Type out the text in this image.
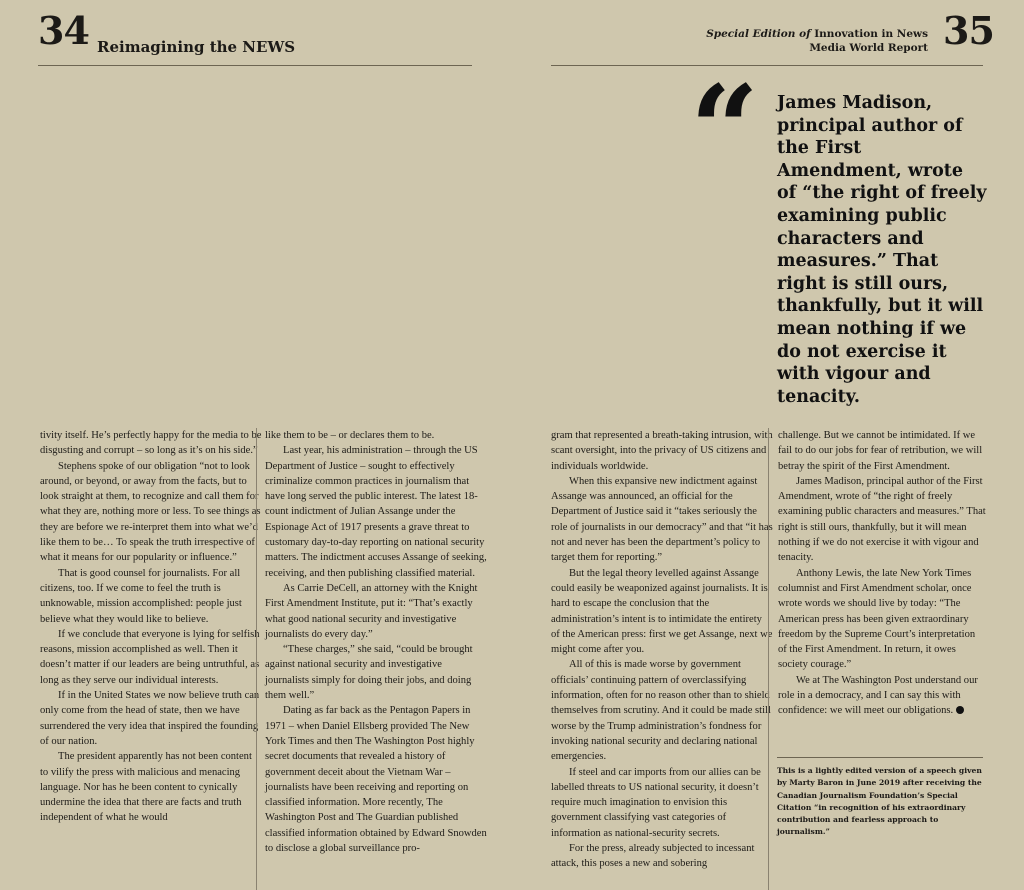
34 Reimagining the NEWS
Special Edition of Innovation in News
Media World Report 35
“ James Madison, principal author of the First Amendment, wrote of “the right of freely examining public characters and measures.” That right is still ours, thankfully, but it will mean nothing if we do not exercise it with vigour and tenacity.

tivity itself. He’s perfectly happy for the media to be disgusting and corrupt – so long as it’s on his side.”

Stephens spoke of our obligation “not to look around, or beyond, or away from the facts, but to look straight at them, to recognize and call them for what they are, nothing more or less. To see things as they are before we re-interpret them into what we’d like them to be… To speak the truth irrespective of what it means for our popularity or influence.”

That is good counsel for journalists. For all citizens, too. If we come to feel the truth is unknowable, mission accomplished: people just believe what they would like to believe.

If we conclude that everyone is lying for selfish reasons, mission accomplished as well. Then it doesn’t matter if our leaders are being untruthful, as long as they serve our individual interests.

If in the United States we now believe truth can only come from the head of state, then we have surrendered the very idea that inspired the founding of our nation.

The president apparently has not been content to vilify the press with malicious and menacing language. Nor has he been content to cynically undermine the idea that there are facts and truth independent of what he would

like them to be – or declares them to be.

Last year, his administration – through the US Department of Justice – sought to effectively criminalize common practices in journalism that have long served the public interest. The latest 18-count indictment of Julian Assange under the Espionage Act of 1917 presents a grave threat to customary day-to-day reporting on national security matters. The indictment accuses Assange of seeking, receiving, and then publishing classified material.

As Carrie DeCell, an attorney with the Knight First Amendment Institute, put it: “That’s exactly what good national security and investigative journalists do every day.”

“These charges,” she said, “could be brought against national security and investigative journalists simply for doing their jobs, and doing them well.”

Dating as far back as the Pentagon Papers in 1971 – when Daniel Ellsberg provided The New York Times and then The Washington Post highly secret documents that revealed a history of government deceit about the Vietnam War – journalists have been receiving and reporting on classified information. More recently, The Washington Post and The Guardian published classified information obtained by Edward Snowden to disclose a global surveillance pro-

gram that represented a breath-taking intrusion, with scant oversight, into the privacy of US citizens and individuals worldwide.

When this expansive new indictment against Assange was announced, an official for the Department of Justice said it “takes seriously the role of journalists in our democracy” and that “it has not and never has been the department’s policy to target them for reporting.”

But the legal theory levelled against Assange could easily be weaponized against journalists. It is hard to escape the conclusion that the administration’s intent is to intimidate the entirety of the American press: first we get Assange, next we might come after you.

All of this is made worse by government officials’ continuing pattern of overclassifying information, often for no reason other than to shield themselves from scrutiny. And it could be made still worse by the Trump administration’s fondness for invoking national security and declaring national emergencies.

If steel and car imports from our allies can be labelled threats to US national security, it doesn’t require much imagination to envision this government classifying vast categories of information as national-security secrets.

For the press, already subjected to incessant attack, this poses a new and sobering

challenge. But we cannot be intimidated. If we fail to do our jobs for fear of retribution, we will betray the spirit of the First Amendment.

James Madison, principal author of the First Amendment, wrote of “the right of freely examining public characters and measures.” That right is still ours, thankfully, but it will mean nothing if we do not exercise it with vigour and tenacity.

Anthony Lewis, the late New York Times columnist and First Amendment scholar, once wrote words we should live by today: “The American press has been given extraordinary freedom by the Supreme Court’s interpretation of the First Amendment. In return, it owes society courage.”

We at The Washington Post understand our role in a democracy, and I can say this with confidence: we will meet our obligations.

This is a lightly edited version of a speech given by Marty Baron in June 2019 after receiving the Canadian Journalism Foundation’s Special Citation “in recognition of his extraordinary contribution and fearless approach to journalism.”
